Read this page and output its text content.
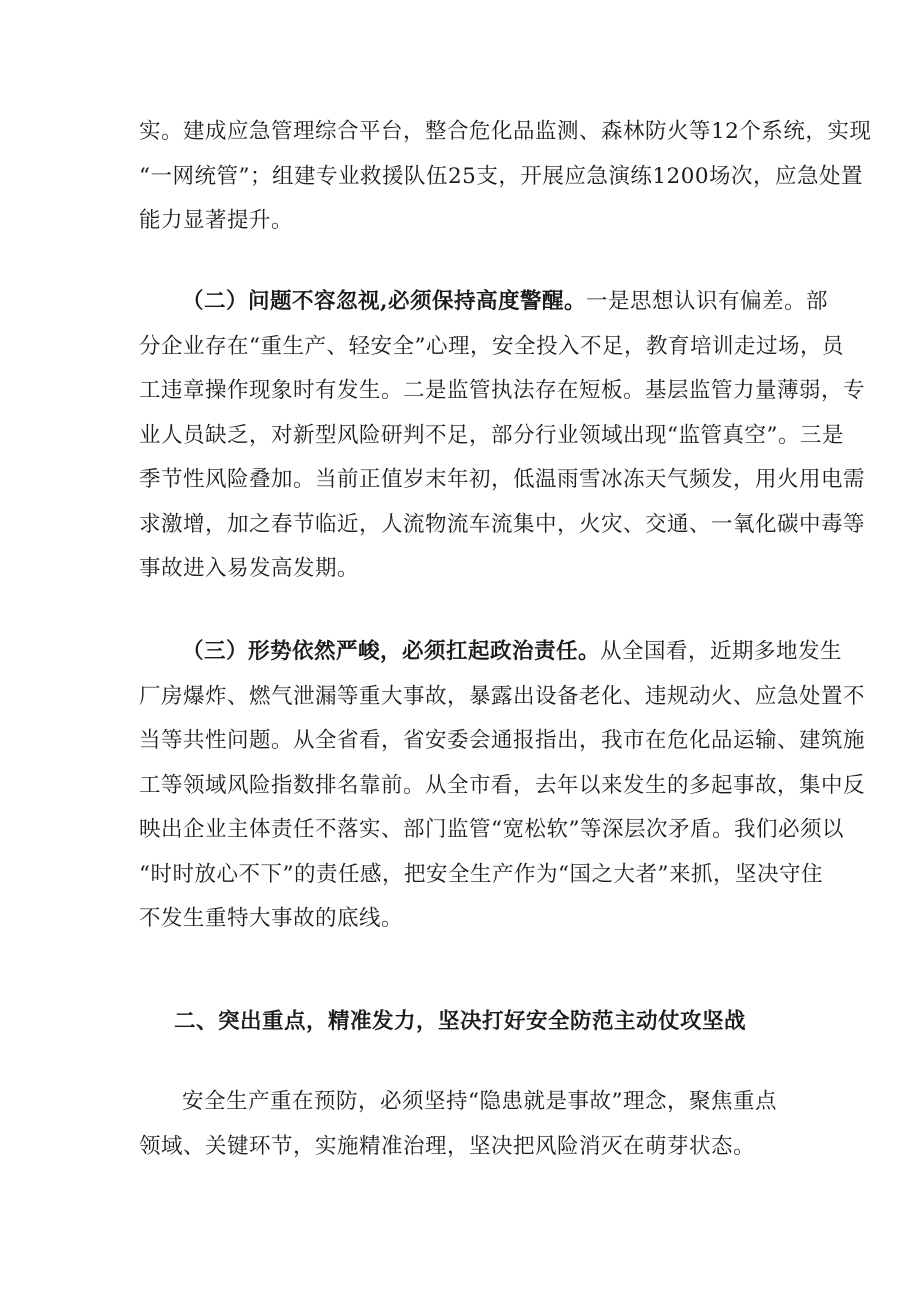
实。建成应急管理综合平台，整合危化品监测、森林防火等12个系统，实现
“一网统管”；组建专业救援队伍25支，开展应急演练1200场次，应急处置
能力显著提升。
（二）问题不容忽视,必须保持高度警醒。一是思想认识有偏差。部
分企业存在“重生产、轻安全”心理，安全投入不足，教育培训走过场，员
工违章操作现象时有发生。二是监管执法存在短板。基层监管力量薄弱，专
业人员缺乏，对新型风险研判不足，部分行业领域出现“监管真空”。三是
季节性风险叠加。当前正值岁末年初，低温雨雪冰冻天气频发，用火用电需
求激增，加之春节临近，人流物流车流集中，火灾、交通、一氧化碳中毒等
事故进入易发高发期。
（三）形势依然严峻，必须扛起政治责任。从全国看，近期多地发生
厂房爆炸、燃气泄漏等重大事故，暴露出设备老化、违规动火、应急处置不
当等共性问题。从全省看，省安委会通报指出，我市在危化品运输、建筑施
工等领域风险指数排名靠前。从全市看，去年以来发生的多起事故，集中反
映出企业主体责任不落实、部门监管“宽松软”等深层次矛盾。我们必须以
“时时放心不下”的责任感，把安全生产作为“国之大者”来抓，坚决守住
不发生重特大事故的底线。
二、突出重点，精准发力，坚决打好安全防范主动仗攻坚战
安全生产重在预防，必须坚持“隐患就是事故”理念，聚焦重点
领域、关键环节，实施精准治理，坚决把风险消灭在萌芽状态。
